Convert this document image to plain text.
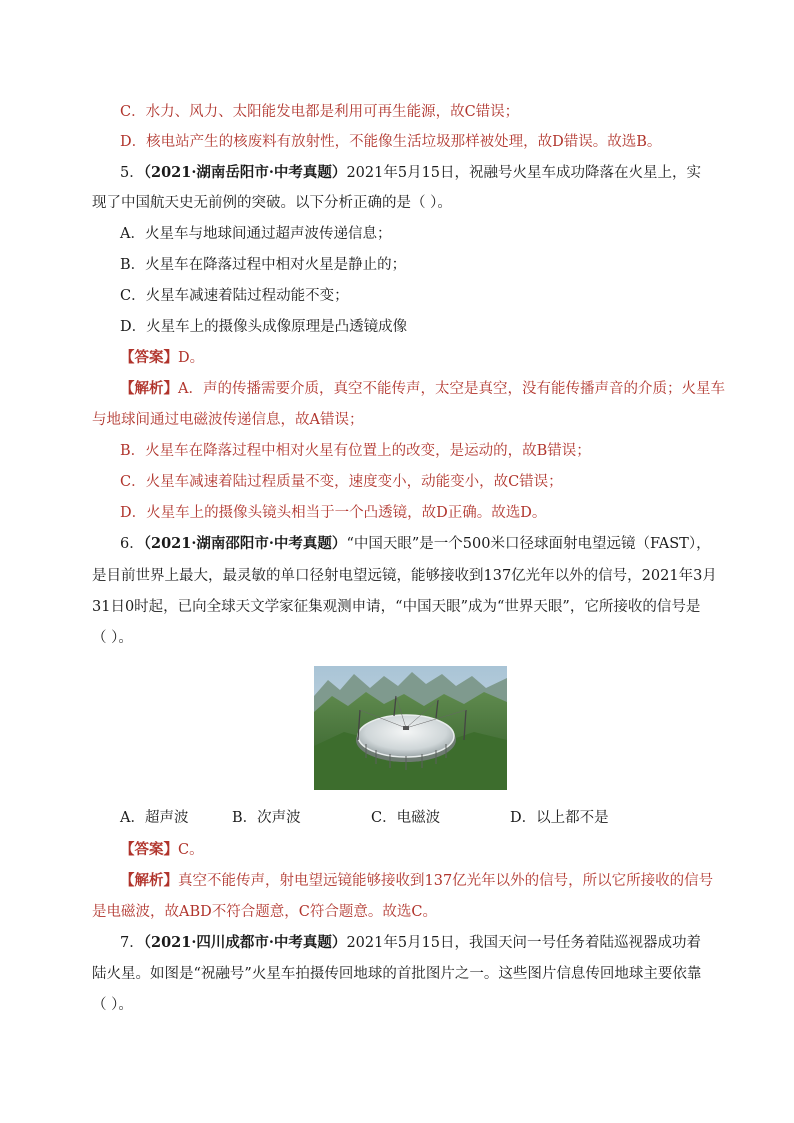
C．水力、风力、太阳能发电都是利用可再生能源，故C错误；
D．核电站产生的核废料有放射性，不能像生活垃圾那样被处理，故D错误。故选B。
5．（2021·湖南岳阳市·中考真题）2021年5月15日，祝融号火星车成功降落在火星上，实
现了中国航天史无前例的突破。以下分析正确的是（ ）。
A．火星车与地球间通过超声波传递信息；
B．火星车在降落过程中相对火星是静止的；
C．火星车减速着陆过程动能不变；
D．火星车上的摄像头成像原理是凸透镜成像
【答案】D。
【解析】A．声的传播需要介质，真空不能传声，太空是真空，没有能传播声音的介质；火星车
与地球间通过电磁波传递信息，故A错误；
B．火星车在降落过程中相对火星有位置上的改变，是运动的，故B错误；
C．火星车减速着陆过程质量不变，速度变小，动能变小，故C错误；
D．火星车上的摄像头镜头相当于一个凸透镜，故D正确。故选D。
6．（2021·湖南邵阳市·中考真题）“中国天眼”是一个500米口径球面射电望远镜（FAST），
是目前世界上最大，最灵敏的单口径射电望远镜，能够接收到137亿光年以外的信号，2021年3月
31日0时起，已向全球天文学家征集观测申请，“中国天眼”成为“世界天眼”，它所接收的信号是
（ ）。
A．超声波	B．次声波	C．电磁波	D．以上都不是
【答案】C。
【解析】真空不能传声，射电望远镜能够接收到137亿光年以外的信号，所以它所接收的信号
是电磁波，故ABD不符合题意，C符合题意。故选C。
7．（2021·四川成都市·中考真题）2021年5月15日，我国天问一号任务着陆巡视器成功着
陆火星。如图是“祝融号”火星车拍摄传回地球的首批图片之一。这些图片信息传回地球主要依靠
（ ）。
